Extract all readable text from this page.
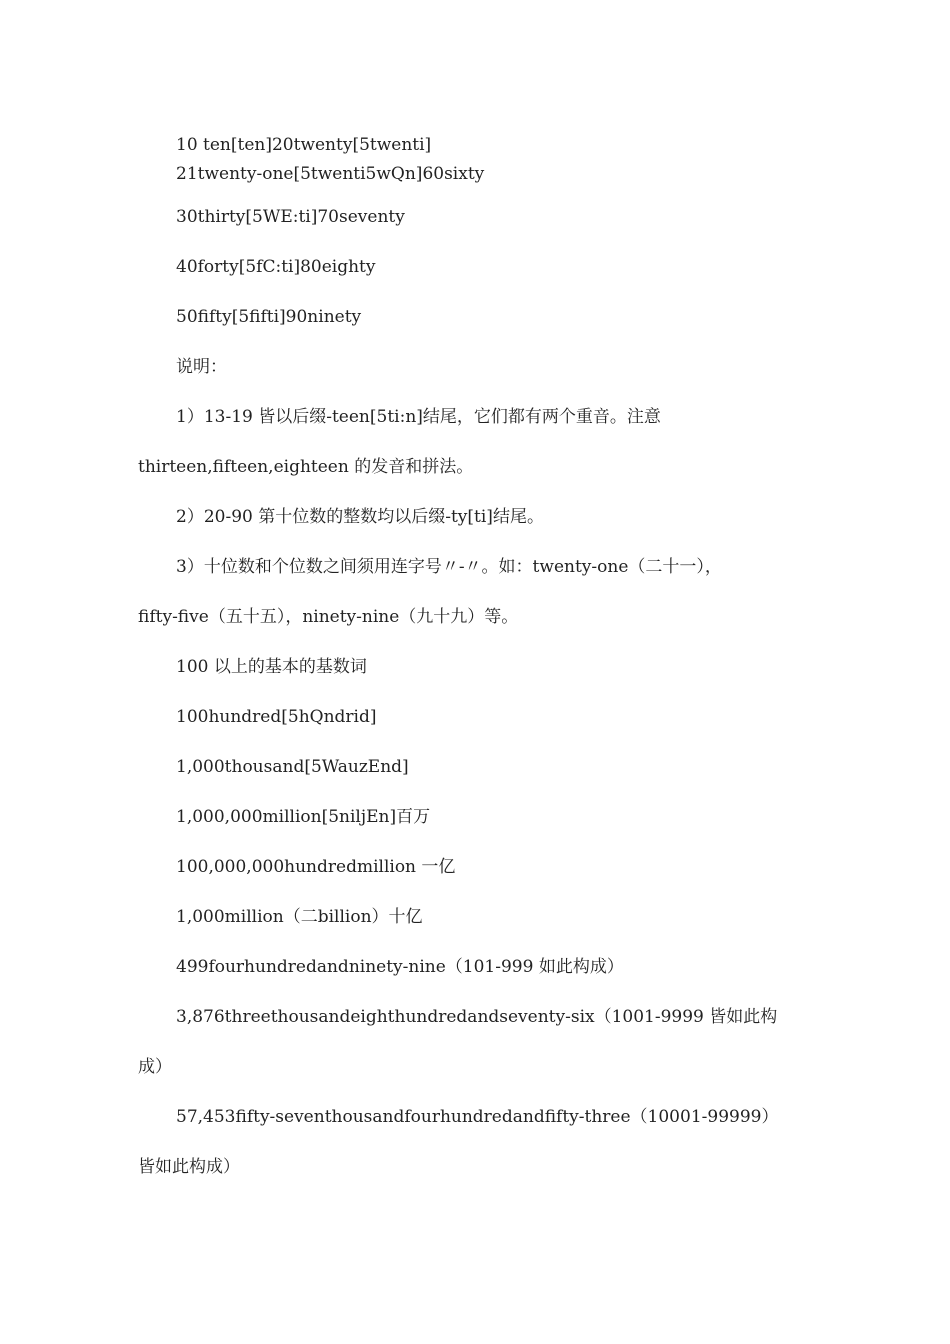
10 ten[ten]20twenty[5twenti]

21twenty-one[5twenti5wQn]60sixty

30thirty[5WE:ti]70seventy

40forty[5fC:ti]80eighty

50fifty[5fifti]90ninety

说明：

1）13-19 皆以后缀-teen[5ti:n]结尾，它们都有两个重音。注意

thirteen,fifteen,eighteen 的发音和拼法。

2）20-90 第十位数的整数均以后缀-ty[ti]结尾。

3）十位数和个位数之间须用连字号〃-〃。如：twenty-one（二十一），

fifty-five（五十五），ninety-nine（九十九）等。

100 以上的基本的基数词

100hundred[5hQndrid]

1,000thousand[5WauzEnd]

1,000,000million[5niljEn]百万

100,000,000hundredmillion 一亿

1,000million（二billion）十亿

499fourhundredandninety-nine（101-999 如此构成）

3,876threethousandeighthundredandseventy-six（1001-9999 皆如此构

成）

57,453fifty-seventhousandfourhundredandfifty-three（10001-99999）

皆如此构成）
